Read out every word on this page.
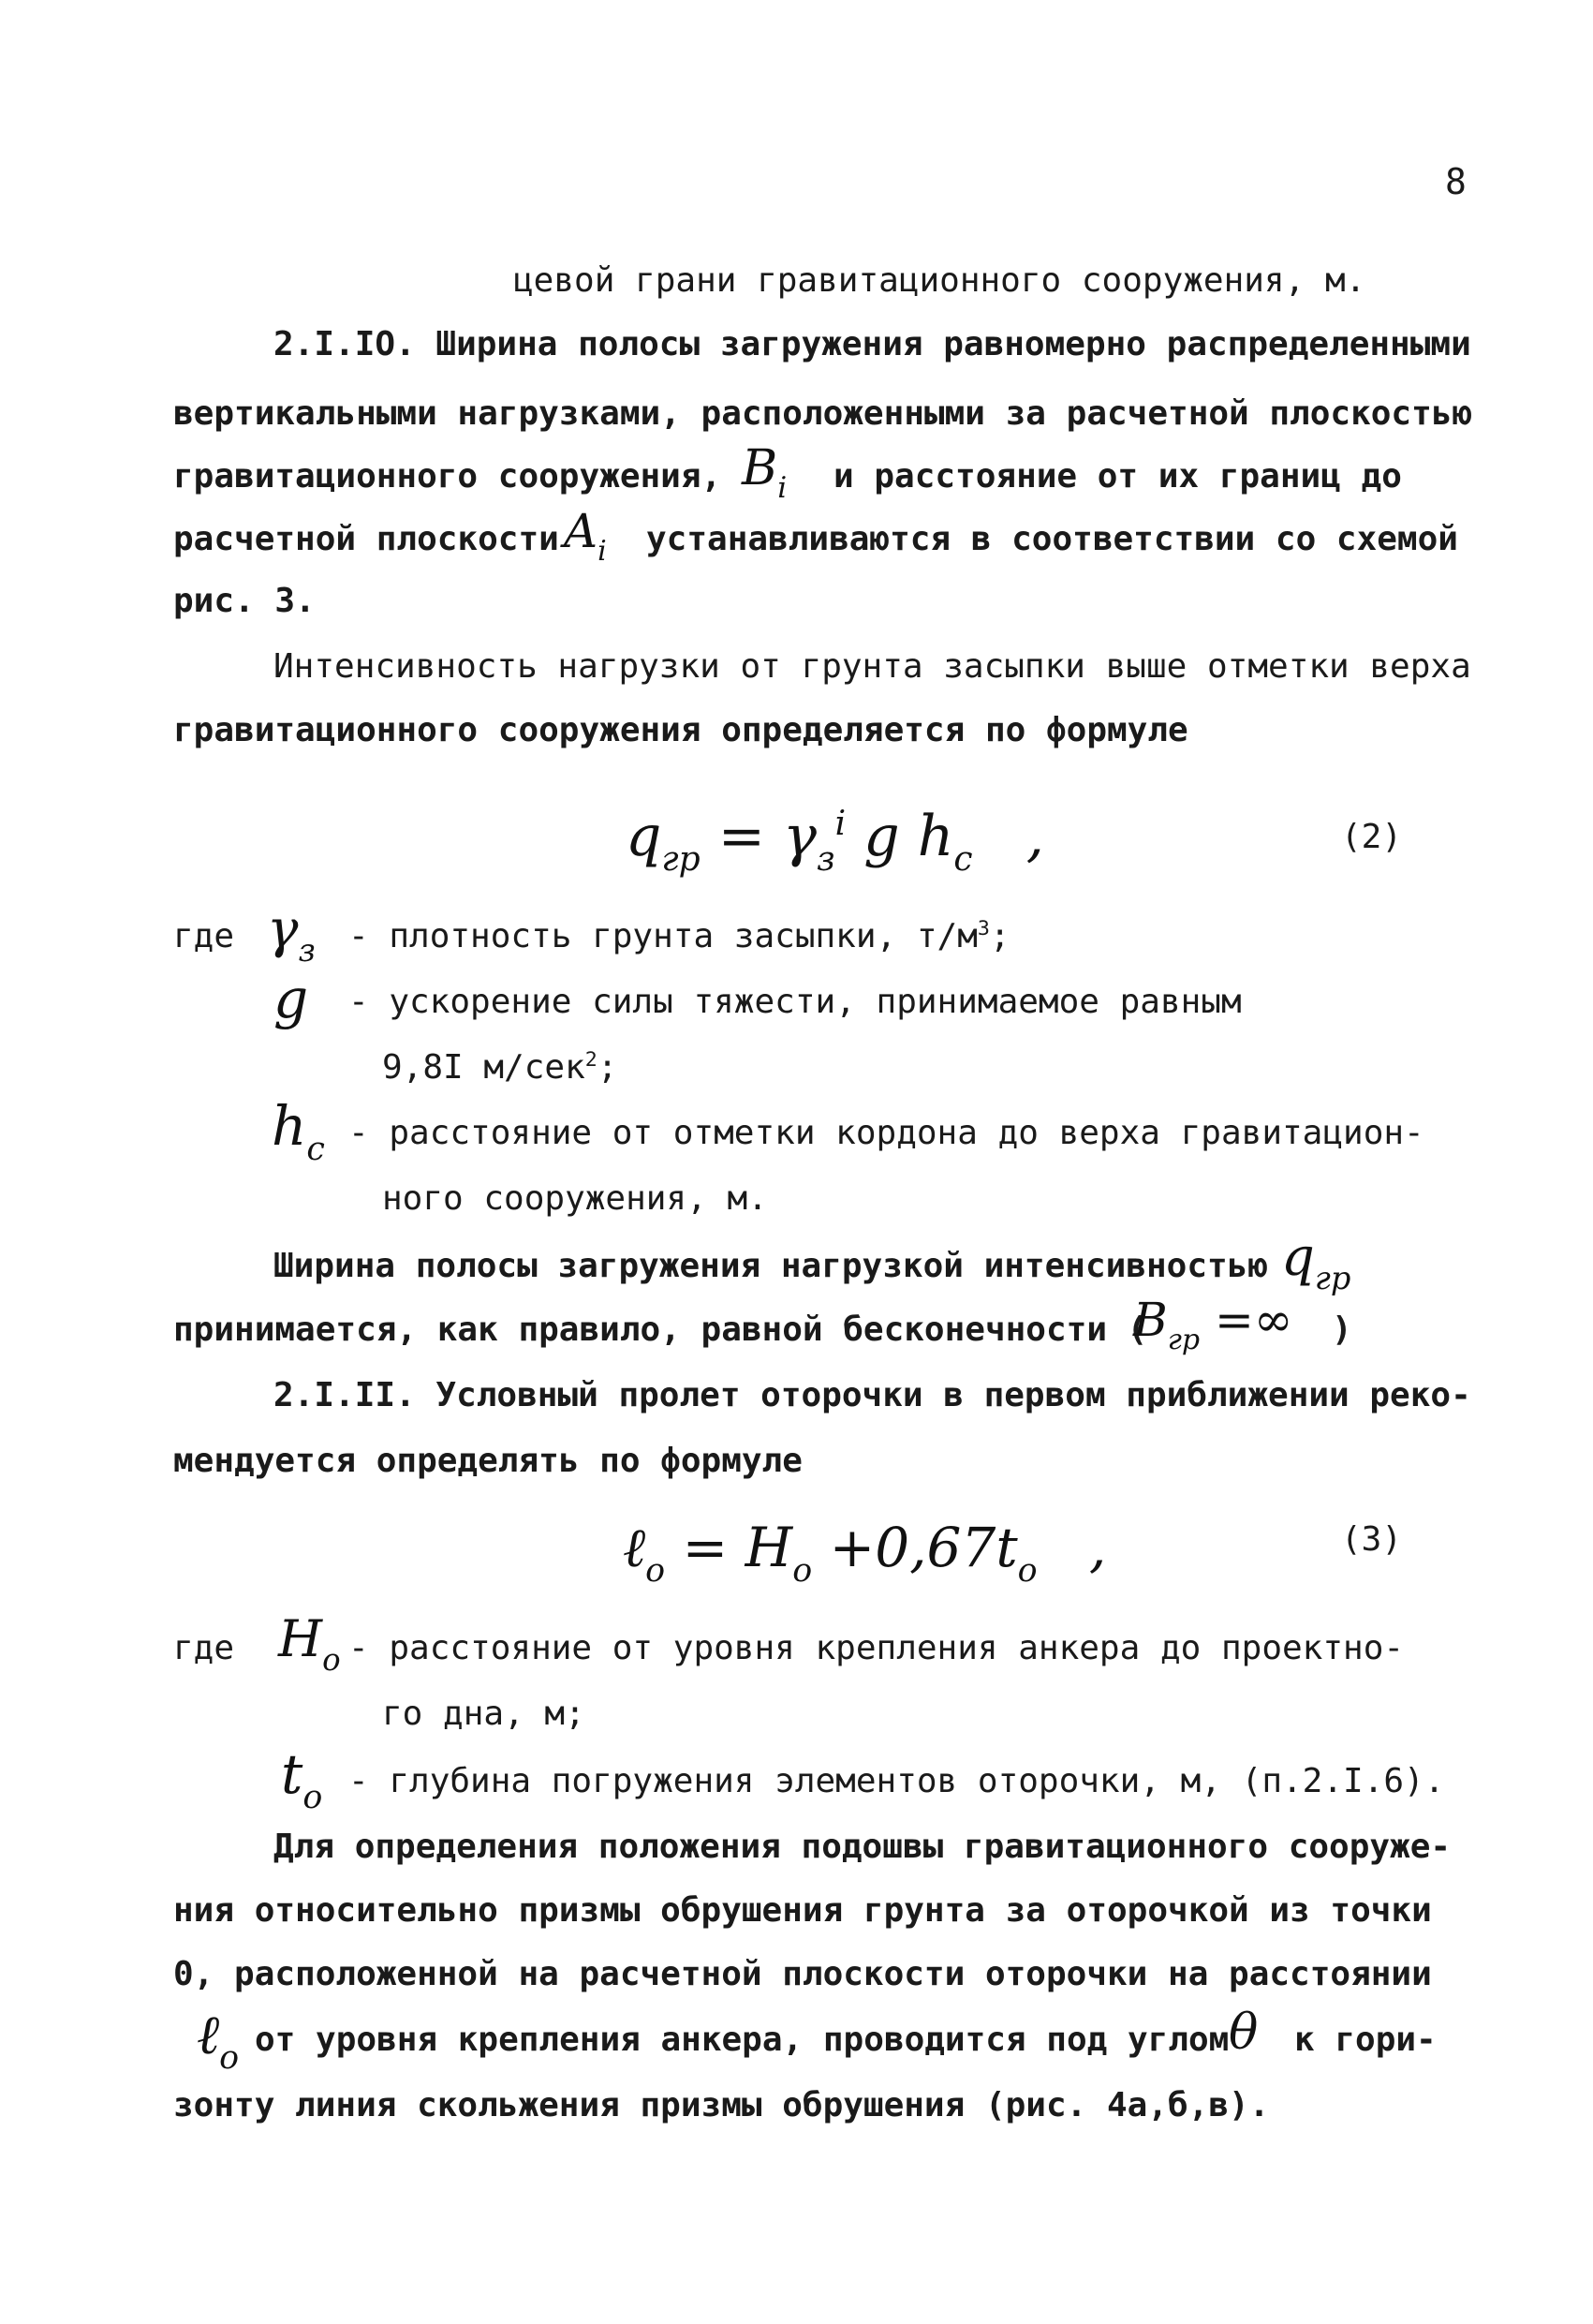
8
цевой грани гравитационного сооружения, м.
2.I.IO. Ширина полосы загружения равномерно распределенными
вертикальными нагрузками, расположенными за расчетной плоскостью
гравитационного сооружения, $B_i$ и расстояние от их границ до
расчетной плоскости $A_i$ устанавливаются в соответствии со схемой
рис. 3.
Интенсивность нагрузки от грунта засыпки выше отметки верха
гравитационного сооружения определяется по формуле
$q_{гр} = \gamma_з^i$ g $h_c$ ,	(2)
где $\gamma_з$ - плотность грунта засыпки, $т/м^3$;
g - ускорение силы тяжести, принимаемое равным
9,8I м/сек$^2$;
$h_c$ - расстояние от отметки кордона до верха гравитацион-
ного сооружения, м.
Ширина полосы загружения нагрузкой интенсивностью $q_{гр}$
принимается, как правило, равной бесконечности (
$B_{гр}$ =∞ )
2.I.II. Условный пролет оторочки в первом приближении реко-
мендуется определять по формуле
ℓ$_o$ = $H_o +0,67t_o$ ,	(3)
где $H_o$ - расстояние от уровня крепления анкера до проектно-
го дна, м;
$t_o$ - глубина погружения элементов оторочки, м, (п.2.I.6).
Для определения положения подошвы гравитационного сооруже-
ния относительно призмы обрушения грунта за оторочкой из точки
0, расположенной на расчетной плоскости оторочки на расстоянии
ℓ$_o$ от уровня крепления анкера, проводится под углом θ к гори-
зонту линия скольжения призмы обрушения (рис. 4а,б,в).
